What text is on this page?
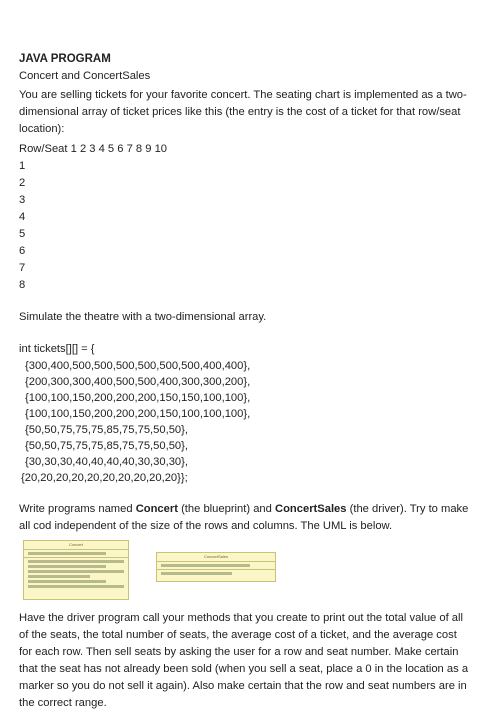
JAVA PROGRAM
Concert and ConcertSales
You are selling tickets for your favorite concert. The seating chart is implemented as a two-dimensional array of ticket prices like this (the entry is the cost of a ticket for that row/seat location):
Row/Seat 1 2 3 4 5 6 7 8 9 10
1
2
3
4
5
6
7
8
Simulate the theatre with a two-dimensional array.
int tickets[][] = {
{300,400,500,500,500,500,500,500,400,400},
{200,300,300,400,500,500,400,300,300,200},
{100,100,150,200,200,200,150,150,100,100},
{100,100,150,200,200,200,150,100,100,100},
{50,50,75,75,75,85,75,75,50,50},
{50,50,75,75,75,85,75,75,50,50},
{30,30,30,40,40,40,40,30,30,30},
{20,20,20,20,20,20,20,20,20,20}};
Write programs named Concert (the blueprint) and ConcertSales (the driver). Try to make all cod independent of the size of the rows and columns. The UML is below.
Concert
ConcertSales
Have the driver program call your methods that you create to print out the total value of all of the seats, the total number of seats, the average cost of a ticket, and the average cost for each row. Then sell seats by asking the user for a row and seat number. Make certain that the seat has not already been sold (when you sell a seat, place a 0 in the location as a marker so you do not sell it again). Also make certain that the row and seat numbers are in the correct range.
